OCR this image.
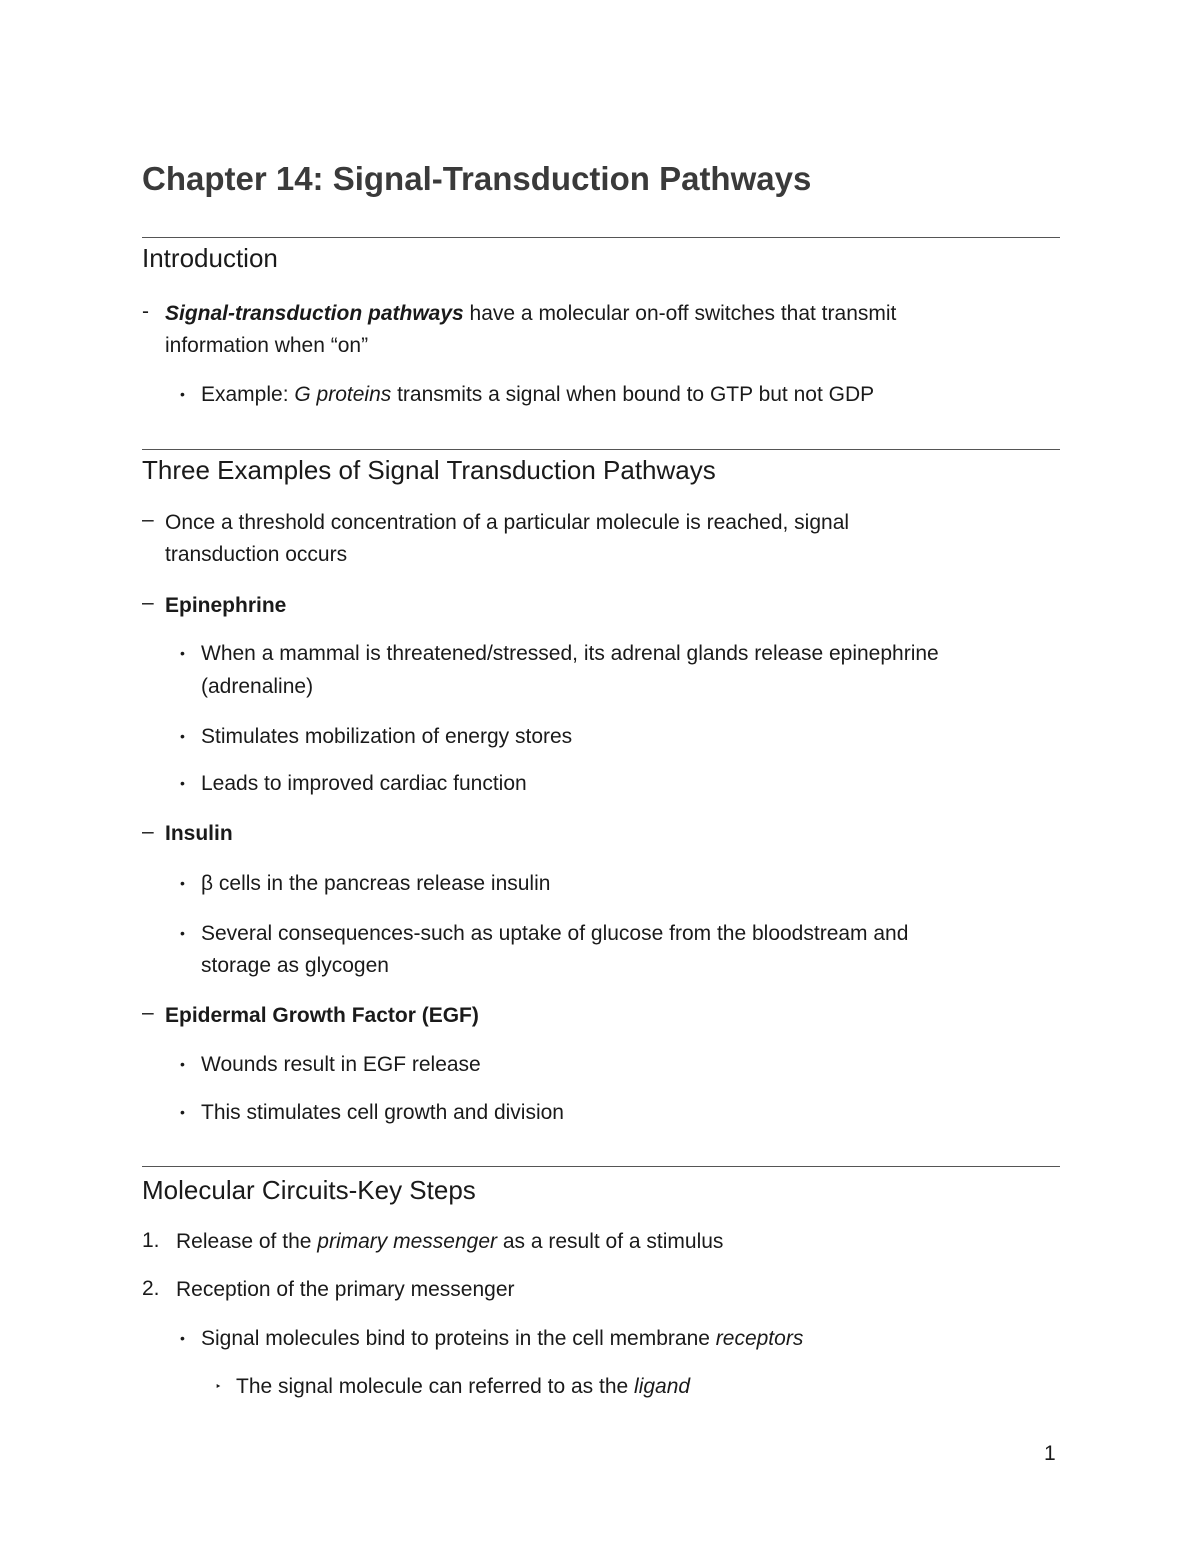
Chapter 14: Signal-Transduction Pathways
Introduction
- Signal-transduction pathways have a molecular on-off switches that transmit
information when “on”
• Example: G proteins transmits a signal when bound to GTP but not GDP
Three Examples of Signal Transduction Pathways
– Once a threshold concentration of a particular molecule is reached, signal
transduction occurs
– Epinephrine
• When a mammal is threatened/stressed, its adrenal glands release epinephrine
(adrenaline)
• Stimulates mobilization of energy stores
• Leads to improved cardiac function
– Insulin
• β cells in the pancreas release insulin
• Several consequences-such as uptake of glucose from the bloodstream and
storage as glycogen
– Epidermal Growth Factor (EGF)
• Wounds result in EGF release
• This stimulates cell growth and division
Molecular Circuits-Key Steps
1. Release of the primary messenger as a result of a stimulus
2. Reception of the primary messenger
• Signal molecules bind to proteins in the cell membrane receptors
‣ The signal molecule can referred to as the ligand
1
